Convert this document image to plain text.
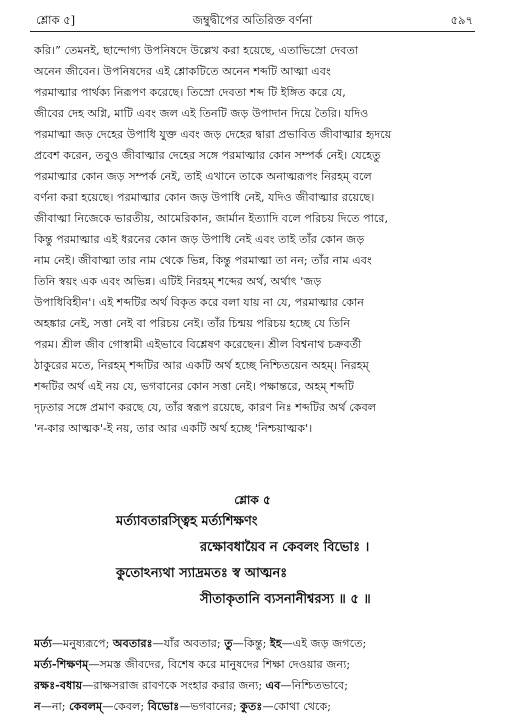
শ্লোক ৫]	জম্বুদ্বীপের অতিরিক্ত বর্ণনা	৫৯৭
করি।” তেমনই, ছান্দোগ্য উপনিষদে উল্লেখ করা হয়েছে, এতাভিস্রো দেবতা
অনেন জীবেন। উপনিষদের এই শ্লোকটিতে অনেন শব্দটি আত্মা এবং
পরমাত্মার পার্থক্য নিরূপণ করেছে। তিস্রো দেবতা শব্দ টি ইঙ্গিত করে যে,
জীবের দেহ অগ্নি, মাটি এবং জল এই তিনটি জড় উপাদান দিয়ে তৈরি। যদিও
পরমাত্মা জড় দেহের উপাধি যুক্ত এবং জড় দেহের দ্বারা প্রভাবিত জীবাত্মার হৃদয়ে
প্রবেশ করেন, তবুও জীবাত্মার দেহের সঙ্গে পরমাত্মার কোন সম্পর্ক নেই। যেহেতু
পরমাত্মার কোন জড় সম্পর্ক নেই, তাই এখানে তাকে অনাত্মরূপং নিরহম্ বলে
বর্ণনা করা হয়েছে। পরমাত্মার কোন জড় উপাধি নেই, যদিও জীবাত্মার রয়েছে।
জীবাত্মা নিজেকে ভারতীয়, আমেরিকান, জার্মান ইত্যাদি বলে পরিচয় দিতে পারে,
কিন্তু পরমাত্মার এই ধরনের কোন জড় উপাধি নেই এবং তাই তাঁর কোন জড়
নাম নেই। জীবাত্মা তার নাম থেকে ভিন্ন, কিন্তু পরমাত্মা তা নন; তাঁর নাম এবং
তিনি স্বয়ং এক এবং অভিন্ন। এটিই নিরহম্ শব্দের অর্থ, অর্থাৎ 'জড়
উপাধিবিহীন'। এই শব্দটির অর্থ বিকৃত করে বলা যায় না যে, পরমাত্মার কোন
অহঙ্কার নেই, সত্তা নেই বা পরিচয় নেই। তাঁর চিন্ময় পরিচয় হচ্ছে যে তিনি
পরম। শ্রীল জীব গোস্বামী এইভাবে বিশ্লেষণ করেছেন। শ্রীল বিশ্বনাথ চক্রবর্তী
ঠাকুরের মতে, নিরহম্ শব্দটির আর একটি অর্থ হচ্ছে নিশ্চিতয়েন অহম্। নিরহম্
শব্দটির অর্থ এই নয় যে, ভগবানের কোন সত্তা নেই। পক্ষান্তরে, অহম্ শব্দটি
দৃঢ়তার সঙ্গে প্রমাণ করছে যে, তাঁর স্বরূপ রয়েছে, কারণ নিঃ শব্দটির অর্থ কেবল
'ন-কার আত্মক'-ই নয়, তার আর একটি অর্থ হচ্ছে 'নিশ্চয়াত্মক'।
শ্লোক ৫
মর্ত্যাবতারস্ত্বিহ মর্ত্যশিক্ষণং
রক্ষোবধায়ৈব ন কেবলং বিভোঃ ।
কুতোঽন্যথা স্যাদ্রমতঃ স্ব আত্মনঃ
সীতাকৃতানি ব্যসনানীশ্বরস্য ॥ ৫ ॥
মর্ত্য—মনুষ্যরূপে; অবতারঃ—যাঁর অবতার; তু—কিন্তু; ইহ—এই জড় জগতে;
মর্ত্য-শিক্ষণম্—সমস্ত জীবদের, বিশেষ করে মানুষদের শিক্ষা দেওয়ার জন্য;
রক্ষঃ-বধায়—রাক্ষসরাজ রাবণকে সংহার করার জন্য; এব—নিশ্চিতভাবে;
ন—না; কেবলম্—কেবল; বিভোঃ—ভগবানের; কুতঃ—কোথা থেকে;
